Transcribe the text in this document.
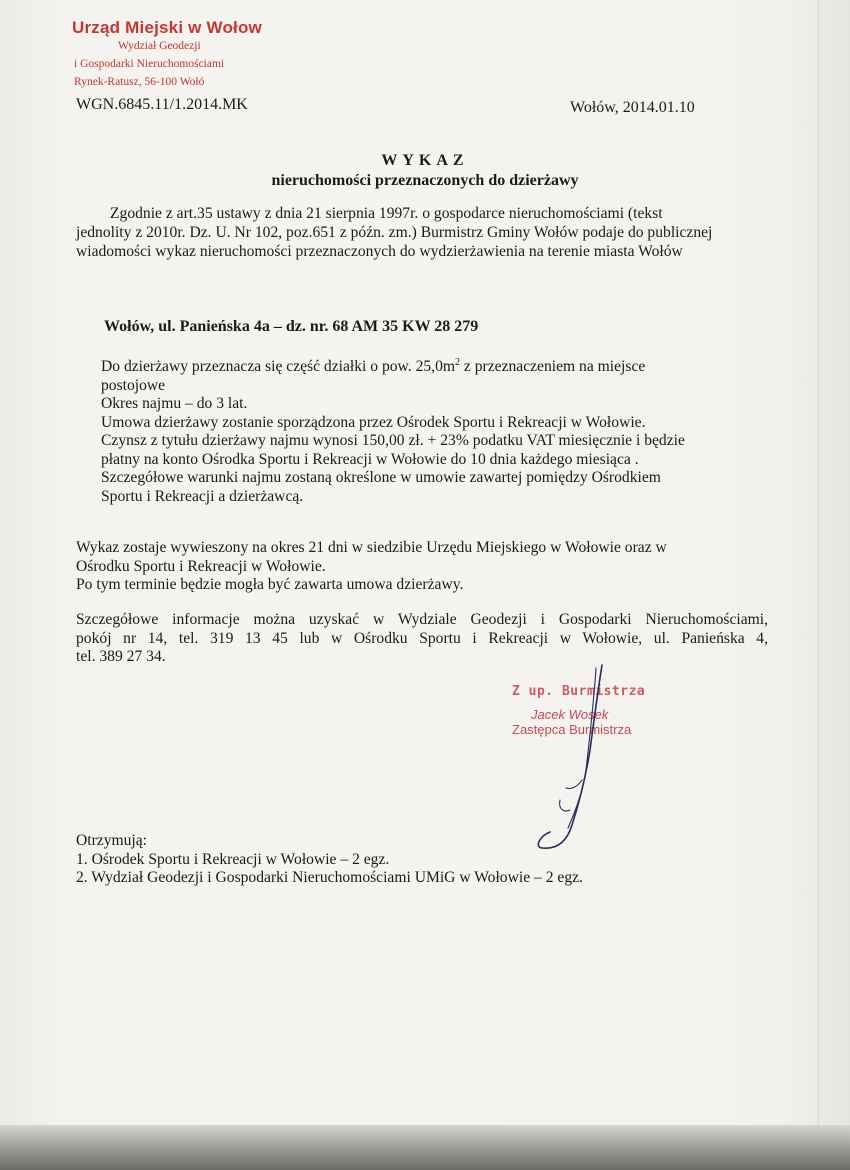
Urząd Miejski w Wołow
Wydział Geodezji
i Gospodarki Nieruchomościami
Rynek-Ratusz, 56-100 Wołó
WGN.6845.11/1.2014.MK	Wołów, 2014.01.10
WYKAZ
nieruchomości przeznaczonych do dzierżawy
Zgodnie z art.35 ustawy z dnia 21 sierpnia 1997r. o gospodarce nieruchomościami (tekst
jednolity z 2010r. Dz. U. Nr 102, poz.651 z późn. zm.) Burmistrz Gminy Wołów podaje do publicznej
wiadomości wykaz nieruchomości przeznaczonych do wydzierżawienia na terenie miasta Wołów
Wołów, ul. Panieńska 4a – dz. nr. 68 AM 35 KW 28 279

Do dzierżawy przeznacza się część działki o pow. $25,0m^2$ z przeznaczeniem na miejsce

postojowe

Okres najmu – do 3 lat.

Umowa dzierżawy zostanie sporządzona przez Ośrodek Sportu i Rekreacji w Wołowie.

Czynsz z tytułu dzierżawy najmu wynosi 150,00 zł. + 23% podatku VAT miesięcznie i będzie

płatny na konto Ośrodka Sportu i Rekreacji w Wołowie do 10 dnia każdego miesiąca .

Szczegółowe warunki najmu zostaną określone w umowie zawartej pomiędzy Ośrodkiem

Sportu i Rekreacji a dzierżawcą.

Wykaz zostaje wywieszony na okres 21 dni w siedzibie Urzędu Miejskiego w Wołowie oraz w

Ośrodku Sportu i Rekreacji w Wołowie.

Po tym terminie będzie mogła być zawarta umowa dzierżawy.

Szczegółowe informacje można uzyskać w Wydziale Geodezji i Gospodarki Nieruchomościami,
pokój nr 14, tel. 319 13 45 lub w Ośrodku Sportu i Rekreacji w Wołowie, ul. Panieńska 4,
tel. 389 27 34.
Z up. Burmistrza
Jacek Wosek
Zastępca Burmistrza

Otrzymują:

1. Ośrodek Sportu i Rekreacji w Wołowie – 2 egz.

2. Wydział Geodezji i Gospodarki Nieruchomościami UMiG w Wołowie – 2 egz.
